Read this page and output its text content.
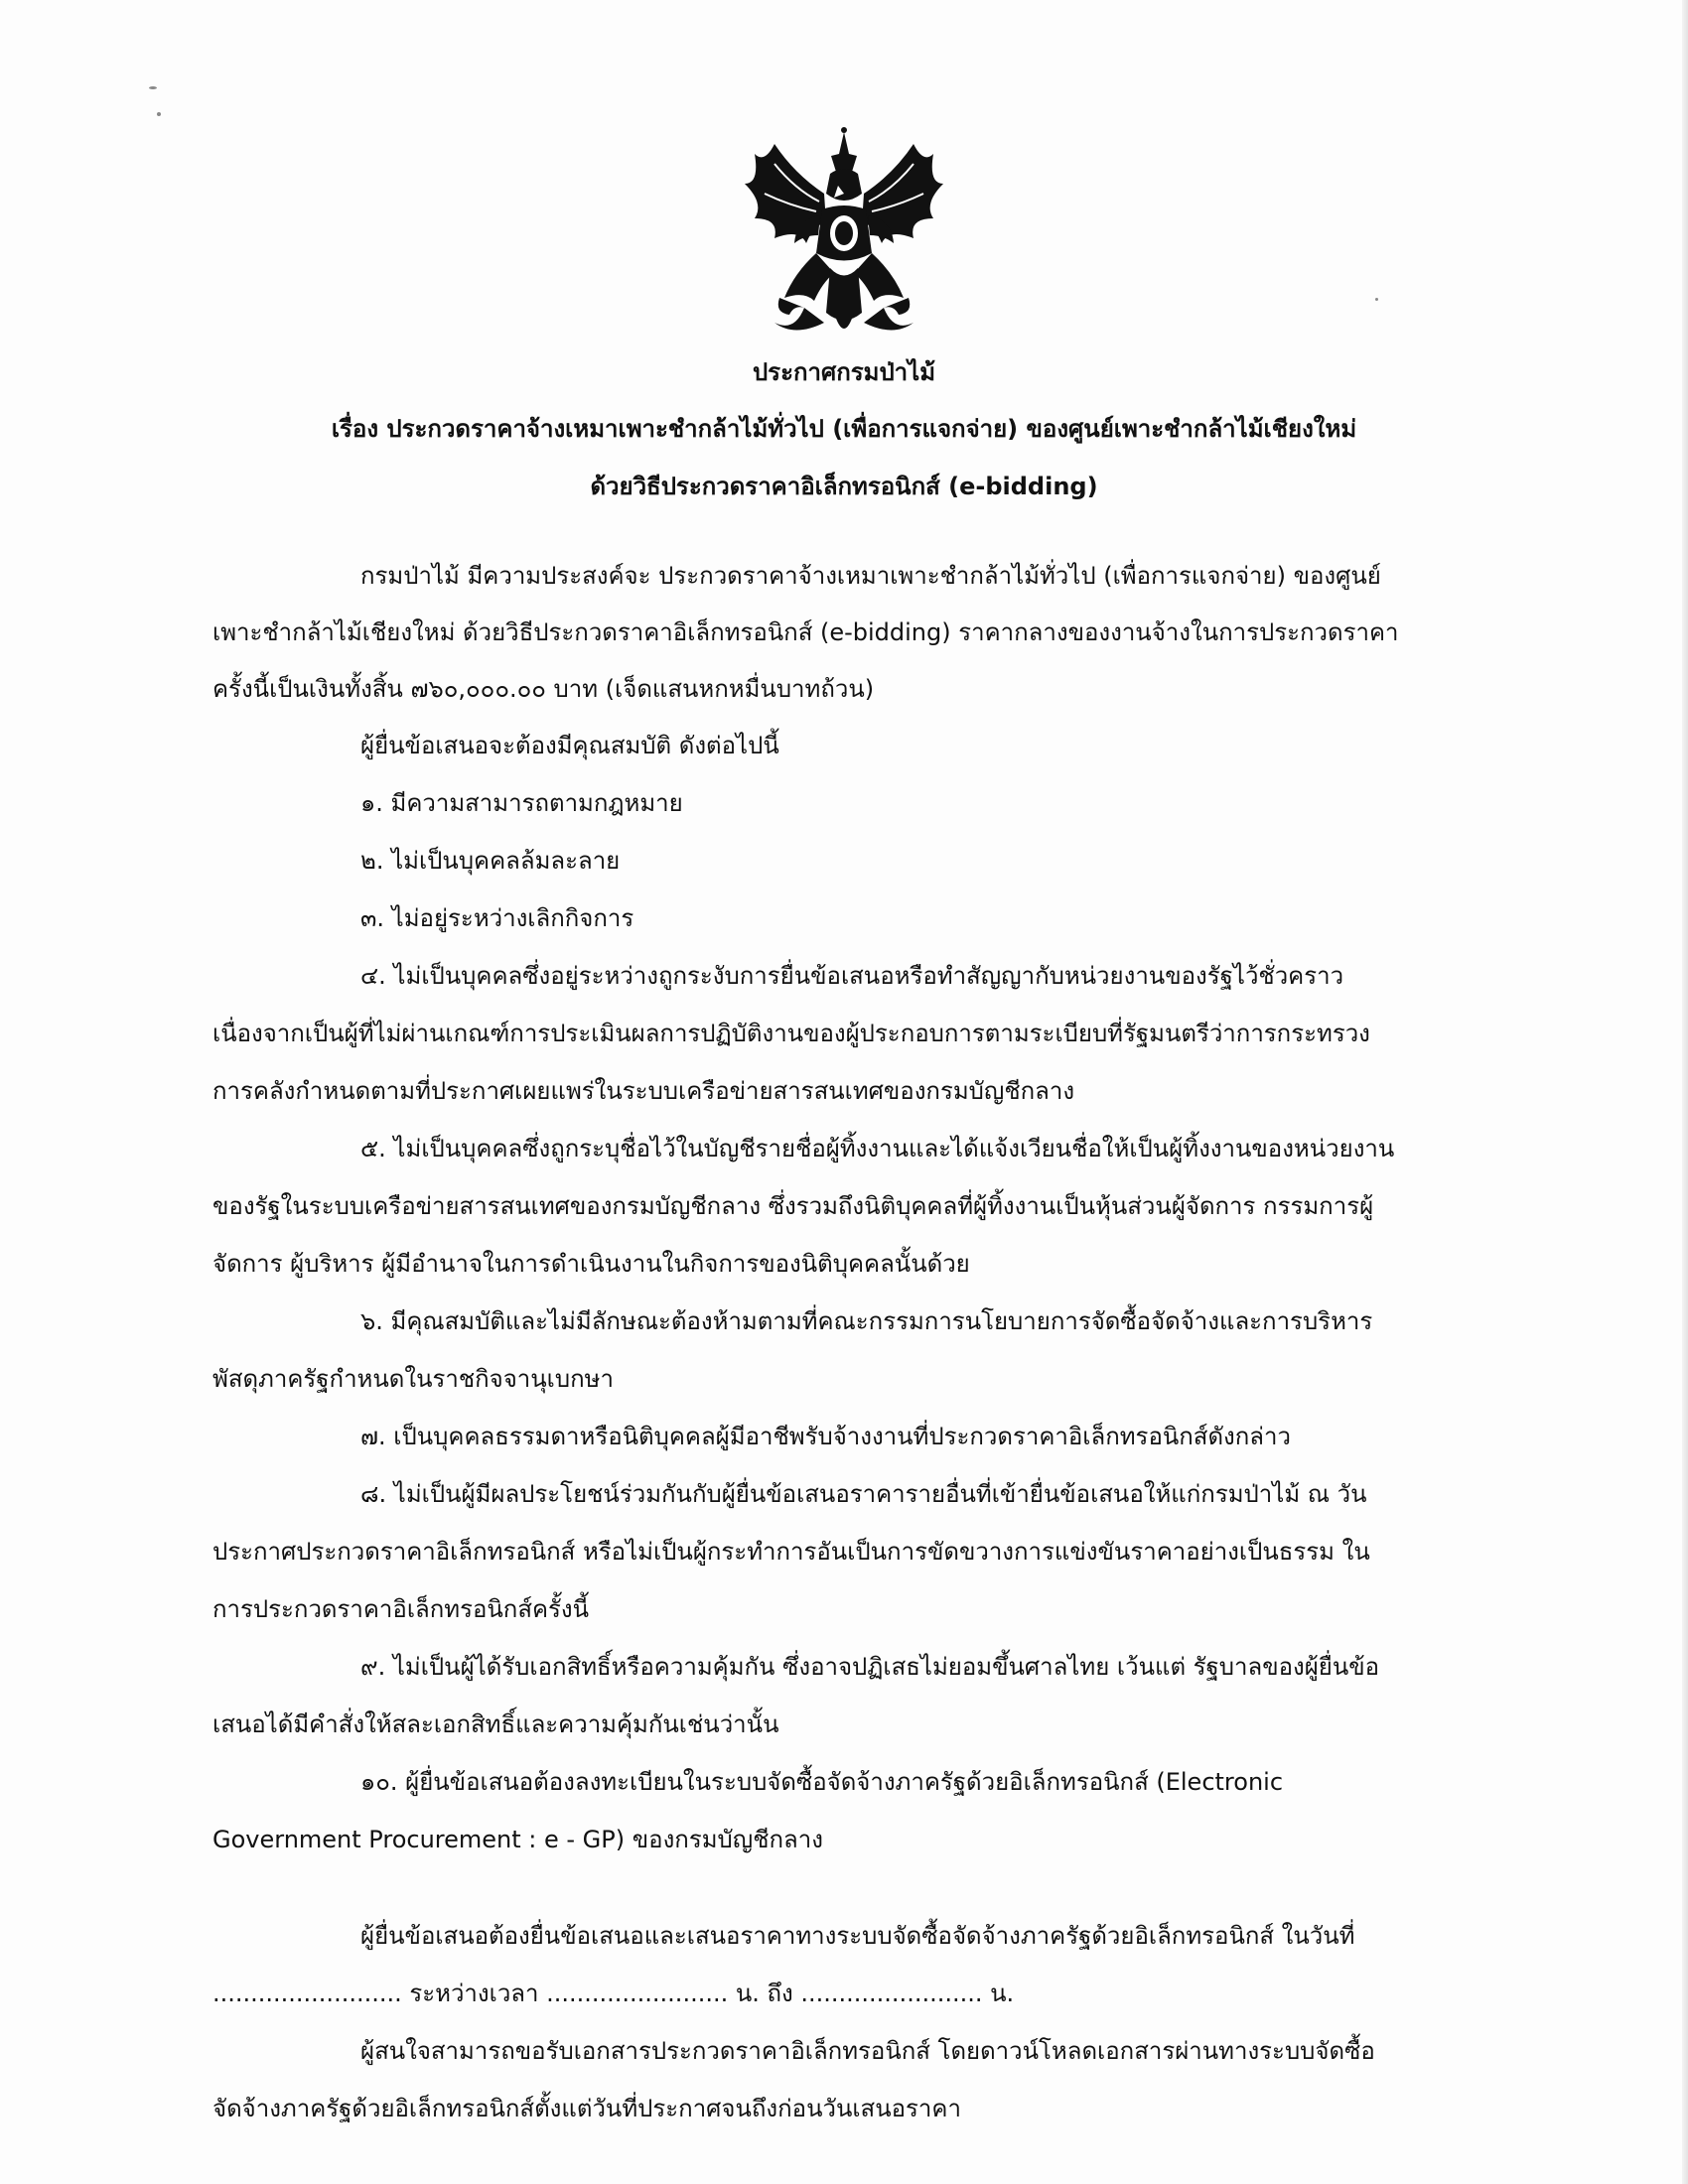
ประกาศกรมป่าไม้
เรื่อง ประกวดราคาจ้างเหมาเพาะชำกล้าไม้ทั่วไป (เพื่อการแจกจ่าย) ของศูนย์เพาะชำกล้าไม้เชียงใหม่
ด้วยวิธีประกวดราคาอิเล็กทรอนิกส์ (e-bidding)
กรมป่าไม้ มีความประสงค์จะ ประกวดราคาจ้างเหมาเพาะชำกล้าไม้ทั่วไป (เพื่อการแจกจ่าย) ของศูนย์
เพาะชำกล้าไม้เชียงใหม่ ด้วยวิธีประกวดราคาอิเล็กทรอนิกส์ (e-bidding) ราคากลางของงานจ้างในการประกวดราคา
ครั้งนี้เป็นเงินทั้งสิ้น ๗๖๐,๐๐๐.๐๐ บาท (เจ็ดแสนหกหมื่นบาทถ้วน)
ผู้ยื่นข้อเสนอจะต้องมีคุณสมบัติ ดังต่อไปนี้
๑. มีความสามารถตามกฎหมาย
๒. ไม่เป็นบุคคลล้มละลาย
๓. ไม่อยู่ระหว่างเลิกกิจการ
๔. ไม่เป็นบุคคลซึ่งอยู่ระหว่างถูกระงับการยื่นข้อเสนอหรือทำสัญญากับหน่วยงานของรัฐไว้ชั่วคราว
เนื่องจากเป็นผู้ที่ไม่ผ่านเกณฑ์การประเมินผลการปฏิบัติงานของผู้ประกอบการตามระเบียบที่รัฐมนตรีว่าการกระทรวง
การคลังกำหนดตามที่ประกาศเผยแพร่ในระบบเครือข่ายสารสนเทศของกรมบัญชีกลาง
๕. ไม่เป็นบุคคลซึ่งถูกระบุชื่อไว้ในบัญชีรายชื่อผู้ทิ้งงานและได้แจ้งเวียนชื่อให้เป็นผู้ทิ้งงานของหน่วยงาน
ของรัฐในระบบเครือข่ายสารสนเทศของกรมบัญชีกลาง ซึ่งรวมถึงนิติบุคคลที่ผู้ทิ้งงานเป็นหุ้นส่วนผู้จัดการ กรรมการผู้
จัดการ ผู้บริหาร ผู้มีอำนาจในการดำเนินงานในกิจการของนิติบุคคลนั้นด้วย
๖. มีคุณสมบัติและไม่มีลักษณะต้องห้ามตามที่คณะกรรมการนโยบายการจัดซื้อจัดจ้างและการบริหาร
พัสดุภาครัฐกำหนดในราชกิจจานุเบกษา
๗. เป็นบุคคลธรรมดาหรือนิติบุคคลผู้มีอาชีพรับจ้างงานที่ประกวดราคาอิเล็กทรอนิกส์ดังกล่าว
๘. ไม่เป็นผู้มีผลประโยชน์ร่วมกันกับผู้ยื่นข้อเสนอราคารายอื่นที่เข้ายื่นข้อเสนอให้แก่กรมป่าไม้ ณ วัน
ประกาศประกวดราคาอิเล็กทรอนิกส์ หรือไม่เป็นผู้กระทำการอันเป็นการขัดขวางการแข่งขันราคาอย่างเป็นธรรม ใน
การประกวดราคาอิเล็กทรอนิกส์ครั้งนี้
๙. ไม่เป็นผู้ได้รับเอกสิทธิ์หรือความคุ้มกัน ซึ่งอาจปฏิเสธไม่ยอมขึ้นศาลไทย เว้นแต่ รัฐบาลของผู้ยื่นข้อ
เสนอได้มีคำสั่งให้สละเอกสิทธิ์และความคุ้มกันเช่นว่านั้น
๑๐. ผู้ยื่นข้อเสนอต้องลงทะเบียนในระบบจัดซื้อจัดจ้างภาครัฐด้วยอิเล็กทรอนิกส์ (Electronic
Government Procurement : e - GP) ของกรมบัญชีกลาง
ผู้ยื่นข้อเสนอต้องยื่นข้อเสนอและเสนอราคาทางระบบจัดซื้อจัดจ้างภาครัฐด้วยอิเล็กทรอนิกส์ ในวันที่
......................... ระหว่างเวลา ........................ น. ถึง ........................ น.
ผู้สนใจสามารถขอรับเอกสารประกวดราคาอิเล็กทรอนิกส์ โดยดาวน์โหลดเอกสารผ่านทางระบบจัดซื้อ
จัดจ้างภาครัฐด้วยอิเล็กทรอนิกส์ตั้งแต่วันที่ประกาศจนถึงก่อนวันเสนอราคา
